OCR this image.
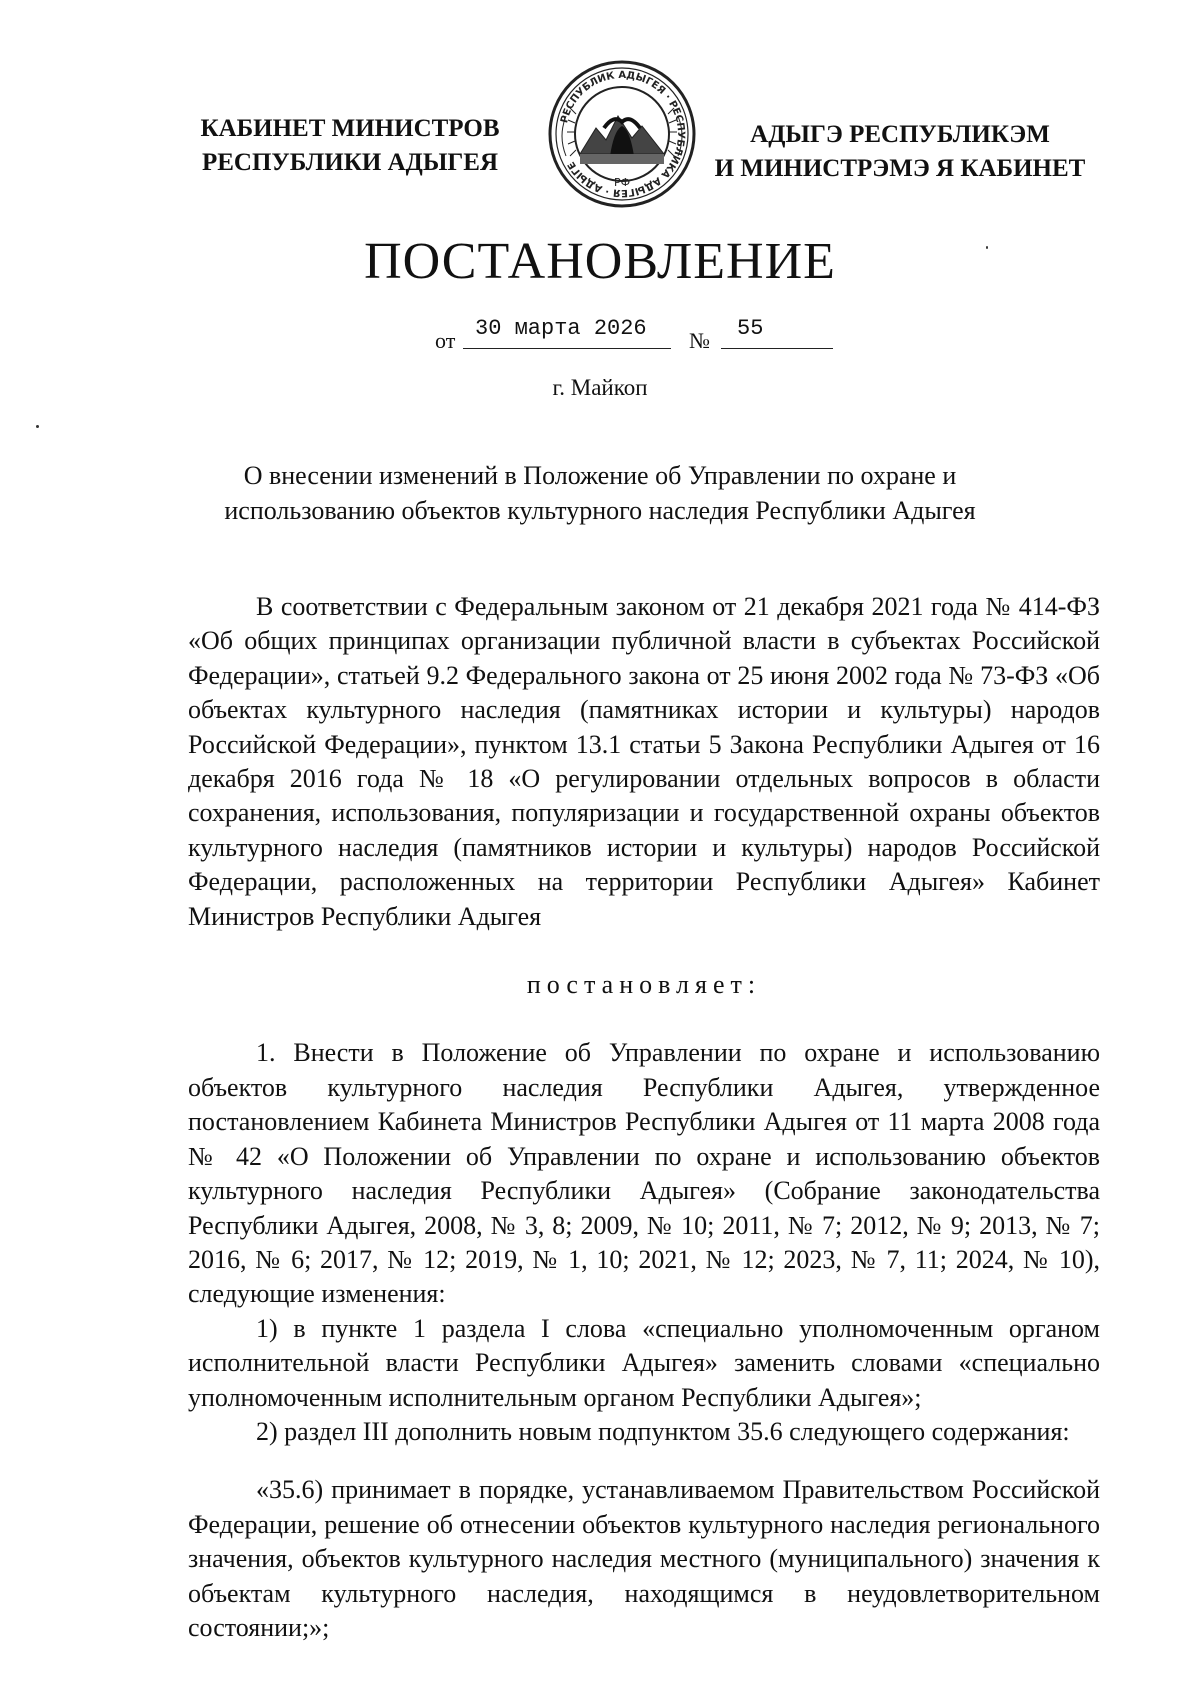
КАБИНЕТ МИНИСТРОВ
РЕСПУБЛИКИ АДЫГЕЯ
РЕСПУБЛИК АДЫГЕЯ · РЕСПУБЛИКА АДЫГЕЯ · АДЫГЕ
РФ
АДЫГЭ РЕСПУБЛИКЭМ
И МИНИСТРЭМЭ Я КАБИНЕТ
ПОСТАНОВЛЕНИЕ
от 30 марта 2026 № 55
г. Майкоп
О внесении изменений в Положение об Управлении по охране и
использованию объектов культурного наследия Республики Адыгея

В соответствии с Федеральным законом от 21 декабря 2021 года № 414-ФЗ «Об общих принципах организации публичной власти в субъектах Российской Федерации», статьей 9.2 Федерального закона от 25 июня 2002 года № 73-ФЗ «Об объектах культурного наследия (памятниках истории и культуры) народов Российской Федерации», пунктом 13.1 статьи 5 Закона Республики Адыгея от 16 декабря 2016 года № 18 «О регулировании отдельных вопросов в области сохранения, использования, популяризации и государственной охраны объектов культурного наследия (памятников истории и культуры) народов Российской Федерации, расположенных на территории Республики Адыгея» Кабинет Министров Республики Адыгея

постановляет:

1. Внести в Положение об Управлении по охране и использованию объектов культурного наследия Республики Адыгея, утвержденное постановлением Кабинета Министров Республики Адыгея от 11 марта 2008 года № 42 «О Положении об Управлении по охране и использованию объектов культурного наследия Республики Адыгея» (Собрание законодательства Республики Адыгея, 2008, № 3, 8; 2009, № 10; 2011, № 7; 2012, № 9; 2013, № 7; 2016, № 6; 2017, № 12; 2019, № 1, 10; 2021, № 12; 2023, № 7, 11; 2024, № 10), следующие изменения:

1) в пункте 1 раздела I слова «специально уполномоченным органом исполнительной власти Республики Адыгея» заменить словами «специально уполномоченным исполнительным органом Республики Адыгея»;

2) раздел III дополнить новым подпунктом 35.6 следующего содержания:

«35.6) принимает в порядке, устанавливаемом Правительством Российской Федерации, решение об отнесении объектов культурного наследия регионального значения, объектов культурного наследия местного (муниципального) значения к объектам культурного наследия, находящимся в неудовлетворительном состоянии;»;
